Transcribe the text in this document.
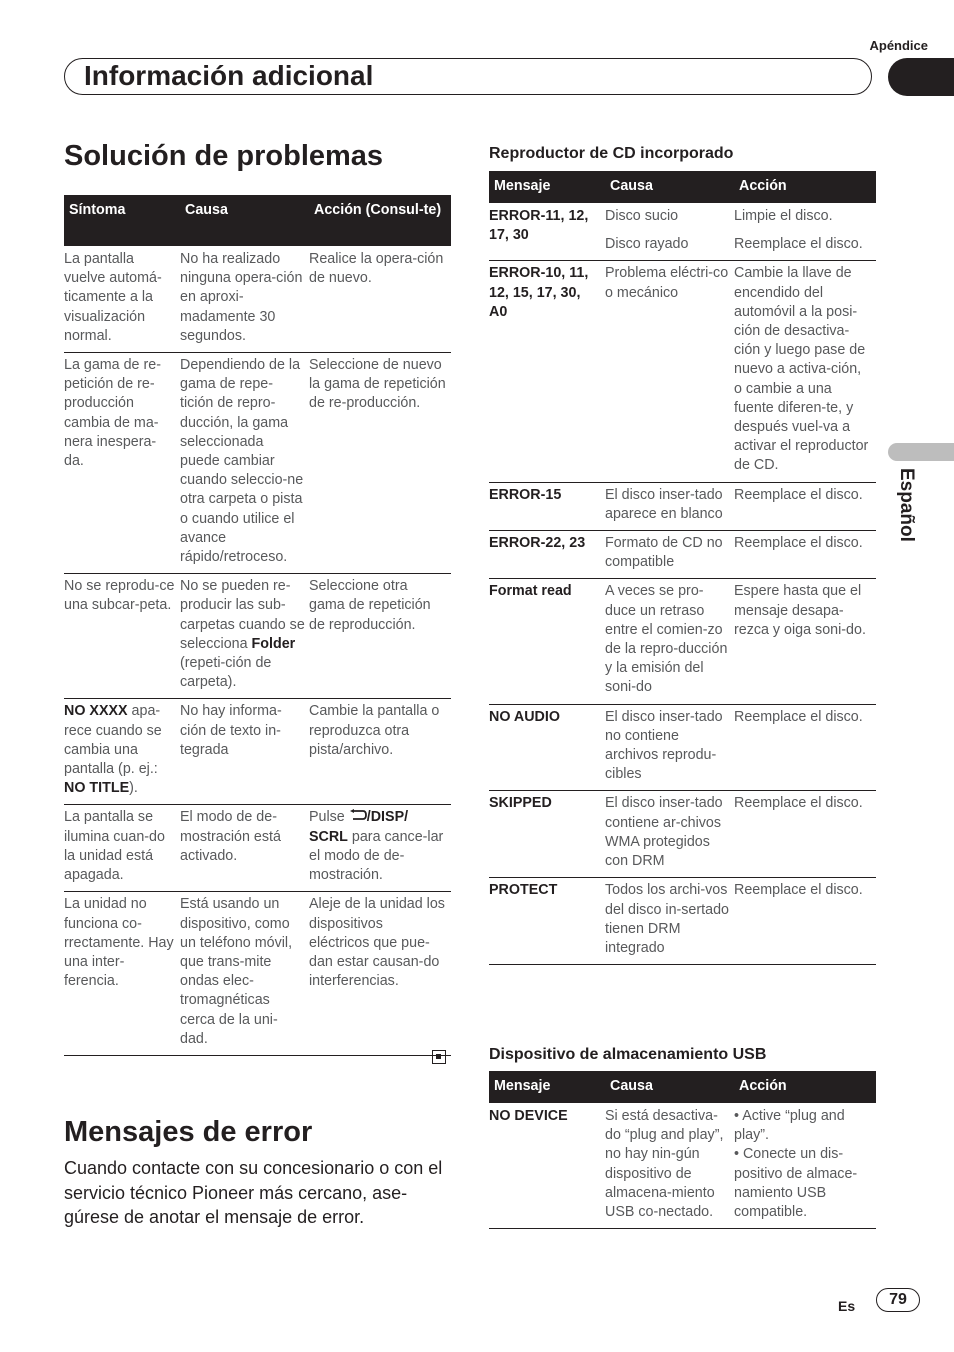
Apéndice
Información adicional
Español
Solución de problemas
Síntoma	Causa	Acción (Consul-te)
La pantalla vuelve automá-ticamente a la visualización normal.	No ha realizado ninguna opera-ción en aproxi-madamente 30 segundos.	Realice la opera-ción de nuevo.
La gama de re-petición de re-producción cambia de ma-nera inespera-da.	Dependiendo de la gama de repe-tición de repro-ducción, la gama seleccionada puede cambiar cuando seleccio-ne otra carpeta o pista o cuando utilice el avance rápido/retroceso.	Seleccione de nuevo la gama de repetición de re-producción.
No se reprodu-ce una subcar-peta.	No se pueden re-producir las sub-carpetas cuando se selecciona Folder (repeti-ción de carpeta).	Seleccione otra gama de repetición de reproducción.
NO XXXX apa-rece cuando se cambia una pantalla (p. ej.: NO TITLE).	No hay informa-ción de texto in-tegrada	Cambie la pantalla o reproduzca otra pista/archivo.
La pantalla se ilumina cuan-do la unidad está apagada.	El modo de de-mostración está activado.	Pulse /DISP/ SCRL para cance-lar el modo de de-mostración.
La unidad no funciona co-rrectamente. Hay una inter-ferencia.	Está usando un dispositivo, como un teléfono móvil, que trans-mite ondas elec-tromagnéticas cerca de la uni-dad.	Aleje de la unidad los dispositivos eléctricos que pue-dan estar causan-do interferencias.
Mensajes de error
Cuando contacte con su concesionario o con el servicio técnico Pioneer más cercano, ase-gúrese de anotar el mensaje de error.
Reproductor de CD incorporado
Mensaje	Causa	Acción
ERROR-11, 12, 17, 30	Disco sucio	Limpie el disco.
	Disco rayado	Reemplace el disco.
ERROR-10, 11, 12, 15, 17, 30, A0	Problema eléctri-co o mecánico	Cambie la llave de encendido del automóvil a la posi-ción de desactiva-ción y luego pase de nuevo a activa-ción, o cambie a una fuente diferen-te, y después vuel-va a activar el reproductor de CD.
ERROR-15	El disco inser-tado aparece en blanco	Reemplace el disco.
ERROR-22, 23	Formato de CD no compatible	Reemplace el disco.
Format read	A veces se pro-duce un retraso entre el comien-zo de la repro-ducción y la emisión del soni-do	Espere hasta que el mensaje desapa-rezca y oiga soni-do.
NO AUDIO	El disco inser-tado no contiene archivos reprodu-cibles	Reemplace el disco.
SKIPPED	El disco inser-tado contiene ar-chivos WMA protegidos con DRM	Reemplace el disco.
PROTECT	Todos los archi-vos del disco in-sertado tienen DRM integrado	Reemplace el disco.
Dispositivo de almacenamiento USB
Mensaje	Causa	Acción
NO DEVICE	Si está desactiva-do “plug and play”, no hay nin-gún dispositivo de almacena-miento USB co-nectado.	• Active “plug and play”.
• Conecte un dis-positivo de almace-namiento USB compatible.
Es	79
